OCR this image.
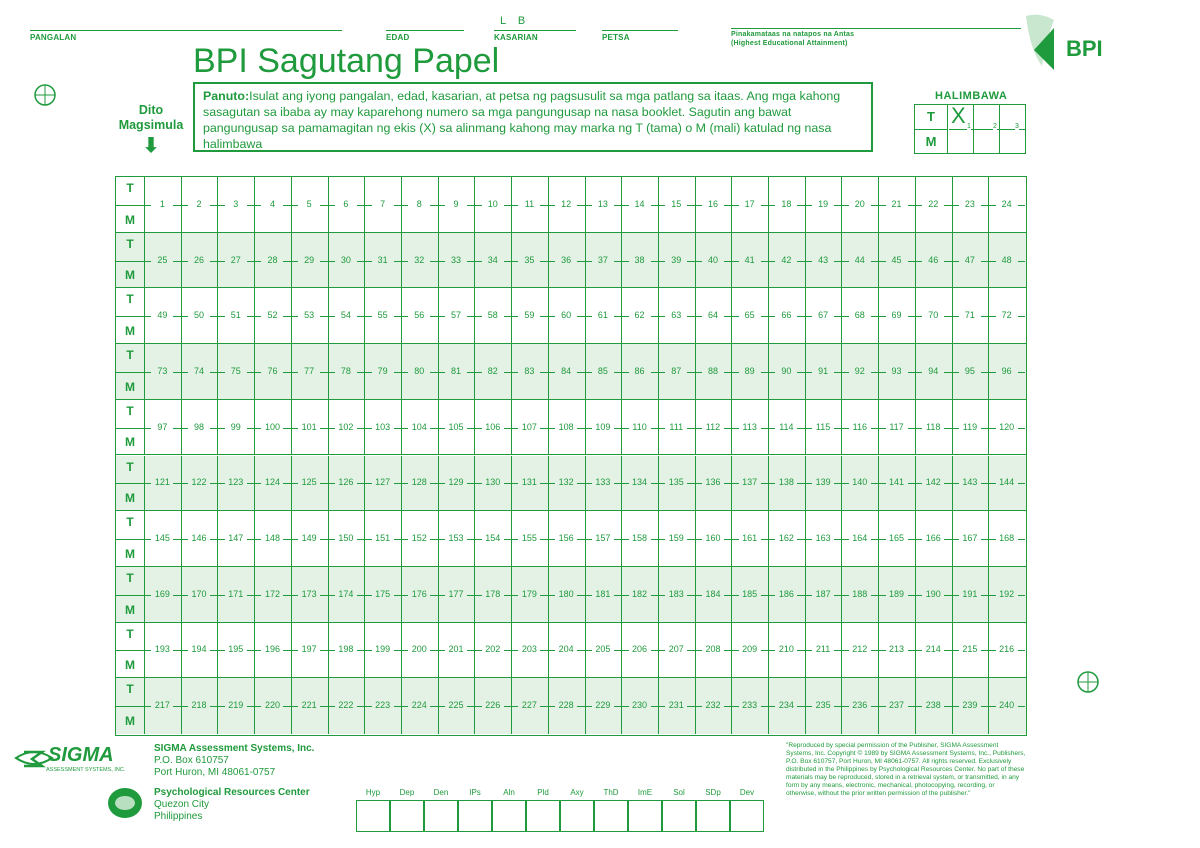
PANGALAN	EDAD
L    B
KASARIAN	PETSA	Pinakamataas na natapos na Antas
(Highest Educational Attainment)	BPI
BPI Sagutang Papel
Dito
Magsimula
⬇
Panuto:Isulat ang iyong pangalan, edad, kasarian, at petsa ng pagsusulit sa mga patlang sa itaas. Ang mga kahong sasagutan sa ibaba ay may kaparehong numero sa mga pangungusap na nasa booklet. Sagutin ang bawat pangungusap sa pamamagitan ng ekis (X) sa alinmang kahong may marka ng T (tama) o M (mali) katulad ng nasa halimbawa
HALIMBAWA
T
M
X 1	2	3
T
M
1	2	3	4	5	6	7	8	9	10	11	12	13	14	15	16	17	18	19	20	21	22	23	24
T
M
25	26	27	28	29	30	31	32	33	34	35	36	37	38	39	40	41	42	43	44	45	46	47	48
T
M
49	50	51	52	53	54	55	56	57	58	59	60	61	62	63	64	65	66	67	68	69	70	71	72
T
M
73	74	75	76	77	78	79	80	81	82	83	84	85	86	87	88	89	90	91	92	93	94	95	96
T
M
97	98	99	100	101	102	103	104	105	106	107	108	109	110	111	112	113	114	115	116	117	118	119	120
T
M
121	122	123	124	125	126	127	128	129	130	131	132	133	134	135	136	137	138	139	140	141	142	143	144
T
M
145	146	147	148	149	150	151	152	153	154	155	156	157	158	159	160	161	162	163	164	165	166	167	168
T
M
169	170	171	172	173	174	175	176	177	178	179	180	181	182	183	184	185	186	187	188	189	190	191	192
T
M
193	194	195	196	197	198	199	200	201	202	203	204	205	206	207	208	209	210	211	212	213	214	215	216
T
M
217	218	219	220	221	222	223	224	225	226	227	228	229	230	231	232	233	234	235	236	237	238	239	240
SIGMA
ASSESSMENT SYSTEMS, INC.
SIGMA Assessment Systems, Inc.
P.O. Box 610757
Port Huron, MI 48061-0757
Psychological Resources Center
Quezon City
Philippines
Hyp	Dep	Den	IPs	Aln	Pld	Axy	ThD	ImE	Sol	SDp	Dev
"Reproduced by special permission of the Publisher, SIGMA Assessment Systems, Inc. Copyright © 1989 by SIGMA Assessment Systems, Inc., Publishers, P.O. Box 610757, Port Huron, MI 48061-0757. All rights reserved. Exclusively distributed in the Philippines by Psychological Resources Center. No part of these materials may be reproduced, stored in a retrieval system, or transmitted, in any form by any means, electronic, mechanical, photocopying, recording, or otherwise, without the prior written permission of the publisher."
